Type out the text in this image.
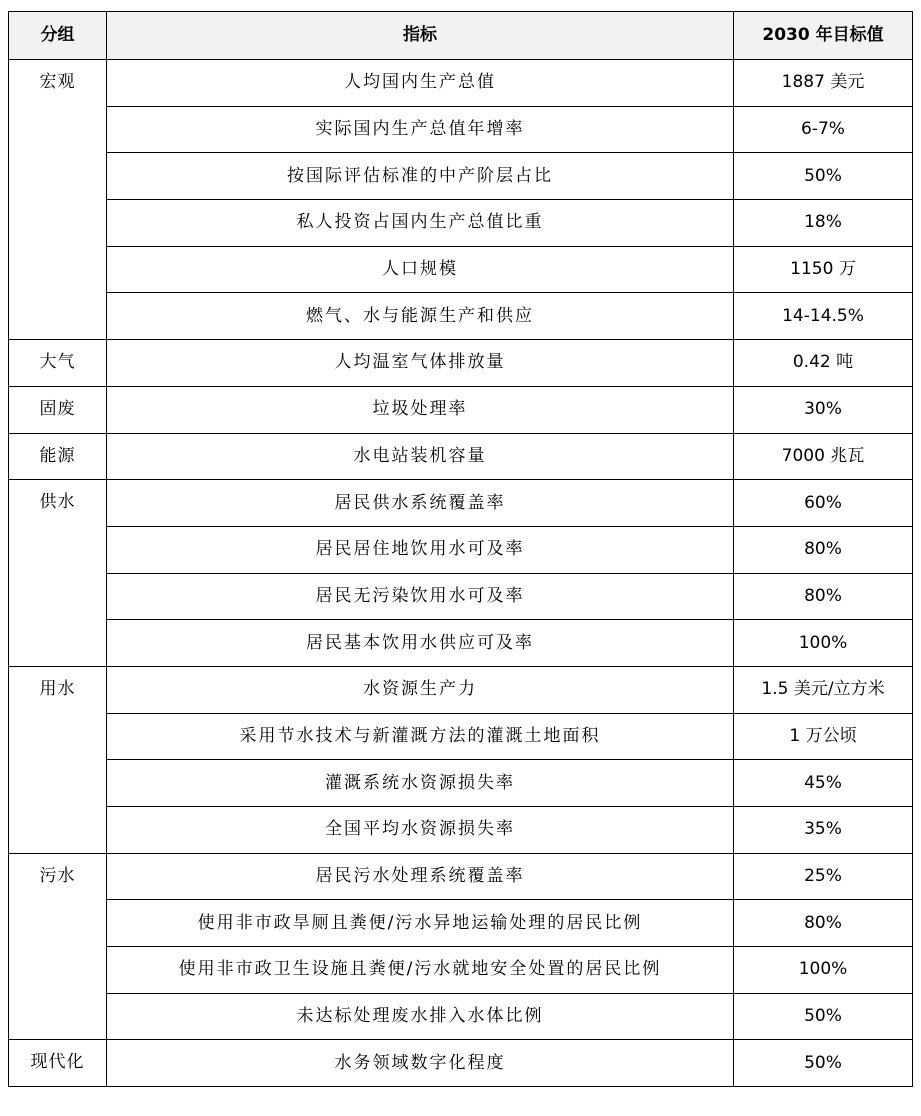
分组	指标	2030 年目标值
宏观	人均国内生产总值	1887 美元
	实际国内生产总值年增率	6-7%
	按国际评估标准的中产阶层占比	50%
	私人投资占国内生产总值比重	18%
	人口规模	1150 万
	燃气、水与能源生产和供应	14-14.5%
大气	人均温室气体排放量	0.42 吨
固废	垃圾处理率	30%
能源	水电站装机容量	7000 兆瓦
供水	居民供水系统覆盖率	60%
	居民居住地饮用水可及率	80%
	居民无污染饮用水可及率	80%
	居民基本饮用水供应可及率	100%
用水	水资源生产力	1.5 美元/立方米
	采用节水技术与新灌溉方法的灌溉土地面积	1 万公顷
	灌溉系统水资源损失率	45%
	全国平均水资源损失率	35%
污水	居民污水处理系统覆盖率	25%
	使用非市政旱厕且粪便/污水异地运输处理的居民比例	80%
	使用非市政卫生设施且粪便/污水就地安全处置的居民比例	100%
	未达标处理废水排入水体比例	50%
现代化	水务领域数字化程度	50%
